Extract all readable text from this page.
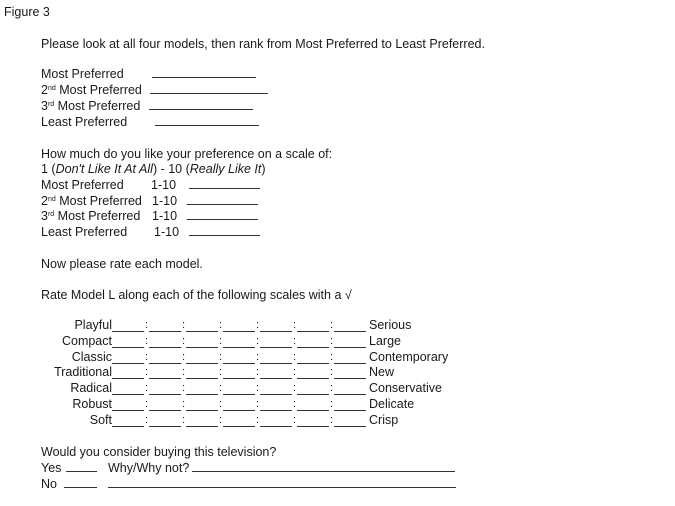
Figure 3
Please look at all four models, then rank from Most Preferred to Least Preferred.
Most Preferred
2nd Most Preferred
3rd Most Preferred
Least Preferred
How much do you like your preference on a scale of:
1 (Don't Like It At All) - 10 (Really Like It)
Most Preferred 1-10
2nd Most Preferred 1-10
3rd Most Preferred 1-10
Least Preferred 1-10
Now please rate each model.
Rate Model L along each of the following scales with a √
Playful	:	:	:	:	:	:	Serious
Compact	:	:	:	:	:	:	Large
Classic	:	:	:	:	:	:	Contemporary
Traditional	:	:	:	:	:	:	New
Radical	:	:	:	:	:	:	Conservative
Robust	:	:	:	:	:	:	Delicate
Soft	:	:	:	:	:	:	Crisp
Would you consider buying this television?
Yes	Why/Why not?
No
